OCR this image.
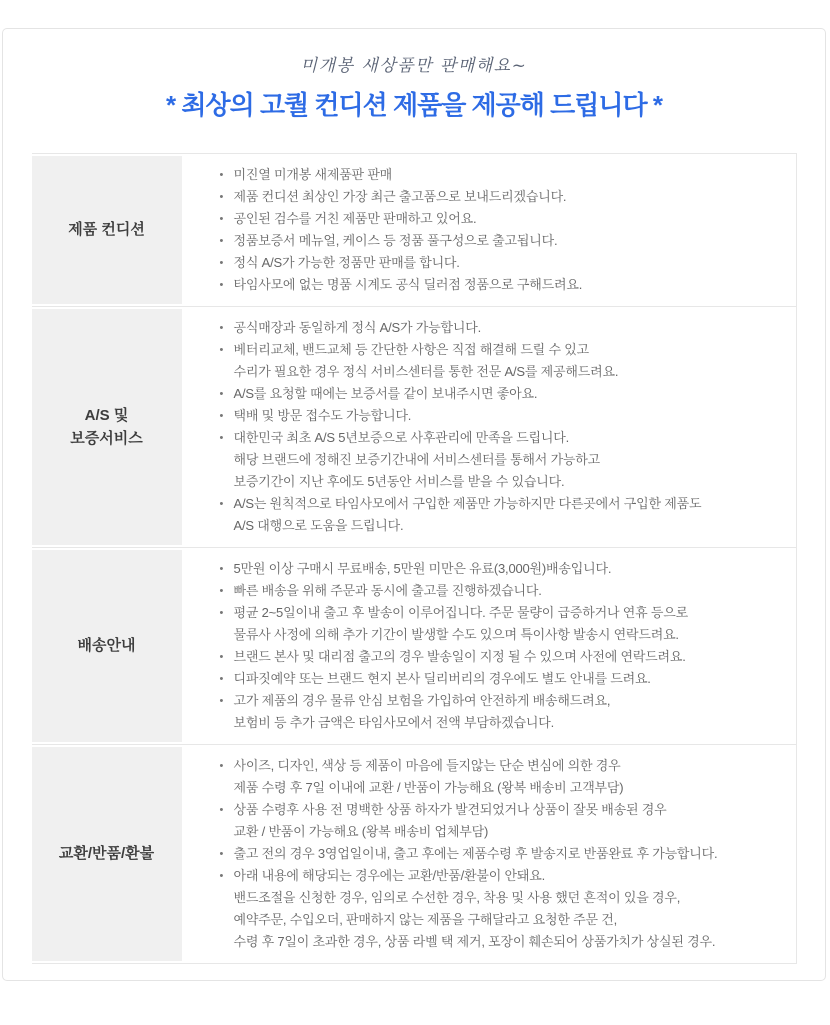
미개봉 새상품만 판매해요~
* 최상의 고퀄 컨디션 제품을 제공해 드립니다 *
제품 컨디션
• 미진열 미개봉 새제품판 판매
• 제품 컨디션 최상인 가장 최근 출고품으로 보내드리겠습니다.
• 공인된 검수를 거친 제품만 판매하고 있어요.
• 정품보증서 메뉴얼, 케이스 등 정품 풀구성으로 출고됩니다.
• 정식 A/S가 가능한 정품만 판매를 합니다.
• 타임사모에 없는 명품 시계도 공식 딜러점 정품으로 구해드려요.
A/S 및
보증서비스
• 공식매장과 동일하게 정식 A/S가 가능합니다.
• 베터리교체, 밴드교체 등 간단한 사항은 직접 해결해 드릴 수 있고
수리가 필요한 경우 정식 서비스센터를 통한 전문 A/S를 제공해드려요.
• A/S를 요청할 때에는 보증서를 같이 보내주시면 좋아요.
• 택배 및 방문 접수도 가능합니다.
• 대한민국 최초 A/S 5년보증으로 사후관리에 만족을 드립니다.
해당 브랜드에 정해진 보증기간내에 서비스센터를 통해서 가능하고
보증기간이 지난 후에도 5년동안 서비스를 받을 수 있습니다.
• A/S는 원칙적으로 타임사모에서 구입한 제품만 가능하지만 다른곳에서 구입한 제품도
A/S 대행으로 도움을 드립니다.
배송안내
• 5만원 이상 구매시 무료배송, 5만원 미만은 유료(3,000원)배송입니다.
• 빠른 배송을 위해 주문과 동시에 출고를 진행하겠습니다.
• 평균 2~5일이내 출고 후 발송이 이루어집니다. 주문 물량이 급증하거나 연휴 등으로
물류사 사정에 의해 추가 기간이 발생할 수도 있으며 특이사항 발송시 연락드려요.
• 브랜드 본사 및 대리점 출고의 경우 발송일이 지정 될 수 있으며 사전에 연락드려요.
• 디파짓예약 또는 브랜드 현지 본사 딜리버리의 경우에도 별도 안내를 드려요.
• 고가 제품의 경우 물류 안심 보험을 가입하여 안전하게 배송해드려요,
보험비 등 추가 금액은 타임사모에서 전액 부담하겠습니다.
교환/반품/환불
• 사이즈, 디자인, 색상 등 제품이 마음에 들지않는 단순 변심에 의한 경우
제품 수령 후 7일 이내에 교환 / 반품이 가능해요 (왕복 배송비 고객부담)
• 상품 수령후 사용 전 명백한 상품 하자가 발견되었거나 상품이 잘못 배송된 경우
교환 / 반품이 가능해요 (왕복 배송비 업체부담)
• 출고 전의 경우 3영업일이내, 출고 후에는 제품수령 후 발송지로 반품완료 후 가능합니다.
• 아래 내용에 해당되는 경우에는 교환/반품/환불이 안돼요.
밴드조절을 신청한 경우, 임의로 수선한 경우, 착용 및 사용 했던 흔적이 있을 경우,
예약주문, 수입오더, 판매하지 않는 제품을 구해달라고 요청한 주문 건,
수령 후 7일이 초과한 경우, 상품 라벨 택 제거, 포장이 훼손되어 상품가치가 상실된 경우.
